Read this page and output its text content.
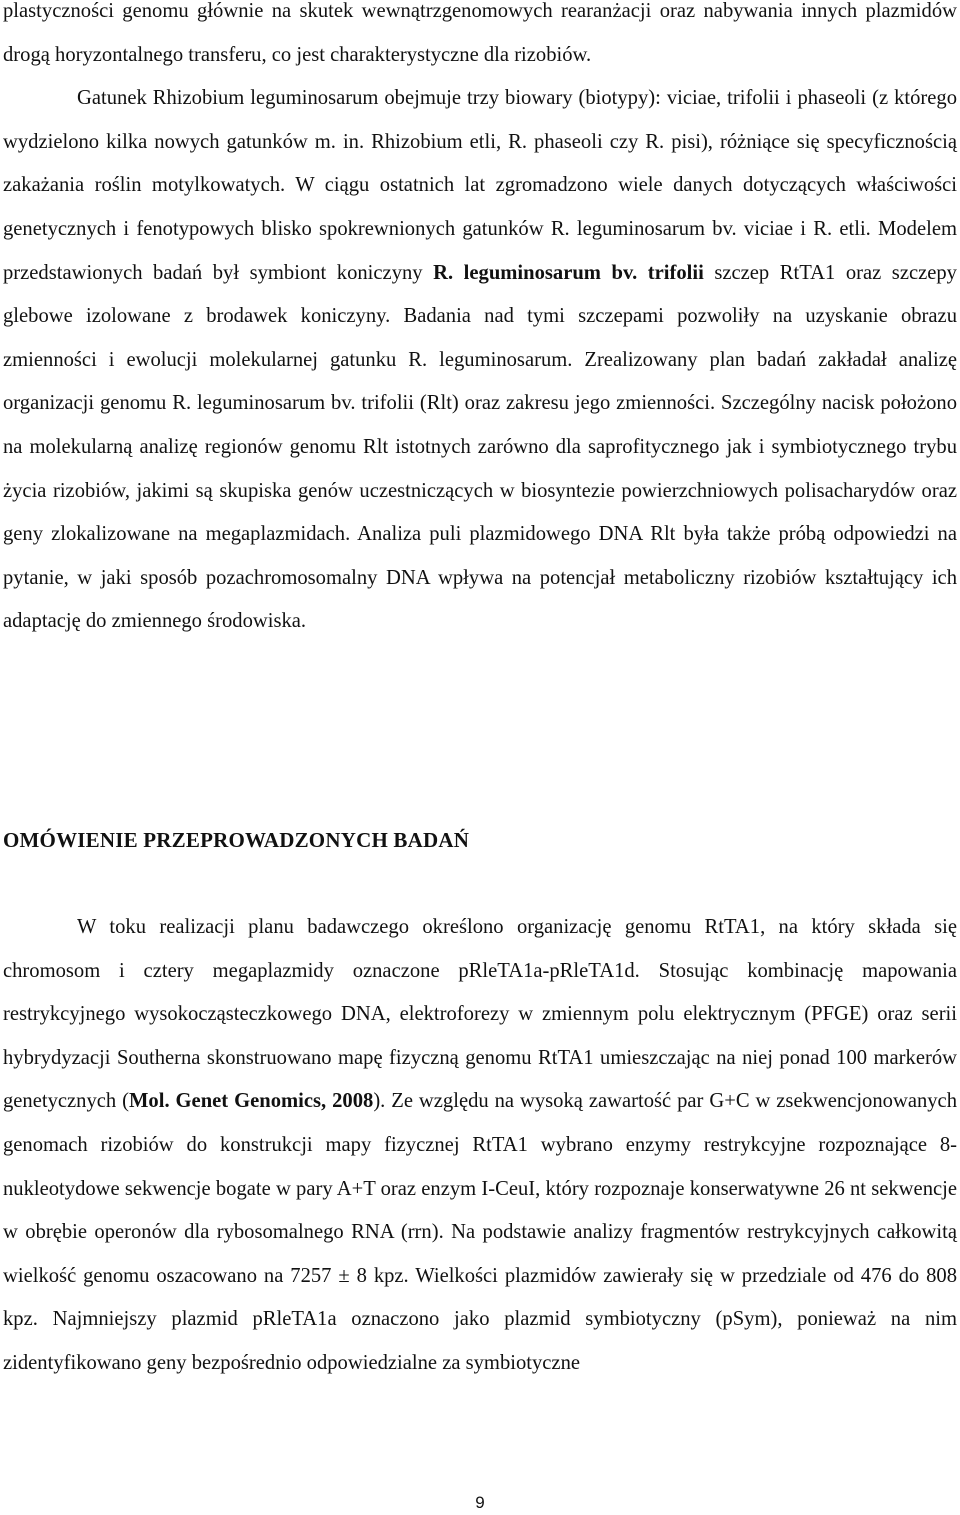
plastyczności genomu głównie na skutek wewnątrzgenomowych rearanżacji oraz nabywania innych plazmidów drogą horyzontalnego transferu, co jest charakterystyczne dla rizobiów.
Gatunek Rhizobium leguminosarum obejmuje trzy biowary (biotypy): viciae, trifolii i phaseoli (z którego wydzielono kilka nowych gatunków m. in. Rhizobium etli, R. phaseoli czy R. pisi), różniące się specyficznością zakażania roślin motylkowatych. W ciągu ostatnich lat zgromadzono wiele danych dotyczących właściwości genetycznych i fenotypowych blisko spokrewnionych gatunków R. leguminosarum bv. viciae i R. etli. Modelem przedstawionych badań był symbiont koniczyny R. leguminosarum bv. trifolii szczep RtTA1 oraz szczepy glebowe izolowane z brodawek koniczyny. Badania nad tymi szczepami pozwoliły na uzyskanie obrazu zmienności i ewolucji molekularnej gatunku R. leguminosarum. Zrealizowany plan badań zakładał analizę organizacji genomu R. leguminosarum bv. trifolii (Rlt) oraz zakresu jego zmienności. Szczególny nacisk położono na molekularną analizę regionów genomu Rlt istotnych zarówno dla saprofitycznego jak i symbiotycznego trybu życia rizobiów, jakimi są skupiska genów uczestniczących w biosyntezie powierzchniowych polisacharydów oraz geny zlokalizowane na megaplazmidach. Analiza puli plazmidowego DNA Rlt była także próbą odpowiedzi na pytanie, w jaki sposób pozachromosomalny DNA wpływa na potencjał metaboliczny rizobiów kształtujący ich adaptację do zmiennego środowiska.

OMÓWIENIE PRZEPROWADZONYCH BADAŃ

W toku realizacji planu badawczego określono organizację genomu RtTA1, na który składa się chromosom i cztery megaplazmidy oznaczone pRleTA1a-pRleTA1d. Stosując kombinację mapowania restrykcyjnego wysokocząsteczkowego DNA, elektroforezy w zmiennym polu elektrycznym (PFGE) oraz serii hybrydyzacji Southerna skonstruowano mapę fizyczną genomu RtTA1 umieszczając na niej ponad 100 markerów genetycznych (Mol. Genet Genomics, 2008). Ze względu na wysoką zawartość par G+C w zsekwencjonowanych genomach rizobiów do konstrukcji mapy fizycznej RtTA1 wybrano enzymy restrykcyjne rozpoznające 8-nukleotydowe sekwencje bogate w pary A+T oraz enzym I-CeuI, który rozpoznaje konserwatywne 26 nt sekwencje w obrębie operonów dla rybosomalnego RNA (rrn). Na podstawie analizy fragmentów restrykcyjnych całkowitą wielkość genomu oszacowano na 7257 ± 8 kpz. Wielkości plazmidów zawierały się w przedziale od 476 do 808 kpz. Najmniejszy plazmid pRleTA1a oznaczono jako plazmid symbiotyczny (pSym), ponieważ na nim zidentyfikowano geny bezpośrednio odpowiedzialne za symbiotyczne

9
